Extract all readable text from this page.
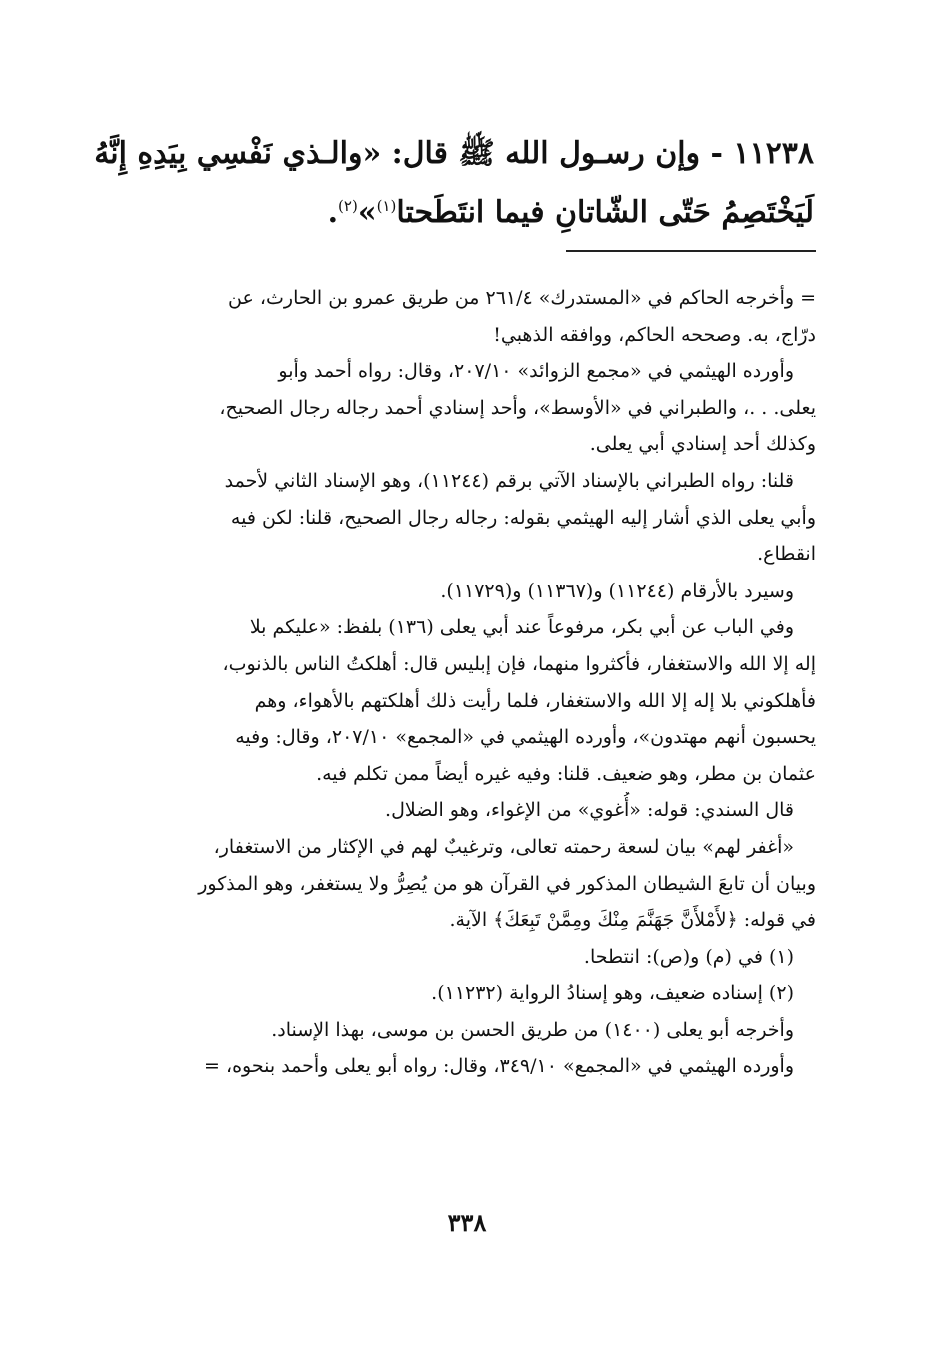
١١٢٣٨ - وإن رسـول الله ﷺ قال: «والـذي نَفْسِي بِيَدِهِ إِنَّهُ
لَيَخْتَصِمُ حَتّى الشّاتانِ فيما انتَطَحتا$^{(١)}$»$^{(٢)}$.
= وأخرجه الحاكم في «المستدرك» ٢٦١/٤ من طريق عمرو بن الحارث، عن
درّاج، به. وصححه الحاكم، ووافقه الذهبي!
وأورده الهيثمي في «مجمع الزوائد» ٢٠٧/١٠، وقال: رواه أحمد وأبو
يعلى. . .، والطبراني في «الأوسط»، وأحد إسنادي أحمد رجاله رجال الصحيح،
وكذلك أحد إسنادي أبي يعلى.
قلنا: رواه الطبراني بالإسناد الآتي برقم (١١٢٤٤)، وهو الإسناد الثاني لأحمد
وأبي يعلى الذي أشار إليه الهيثمي بقوله: رجاله رجال الصحيح، قلنا: لكن فيه
انقطاع.
وسيرد بالأرقام (١١٢٤٤) و(١١٣٦٧) و(١١٧٢٩).
وفي الباب عن أبي بكر، مرفوعاً عند أبي يعلى (١٣٦) بلفظ: «عليكم بلا
إله إلا الله والاستغفار، فأكثروا منهما، فإن إبليس قال: أهلكتُ الناس بالذنوب،
فأهلكوني بلا إله إلا الله والاستغفار، فلما رأيت ذلك أهلكتهم بالأهواء، وهم
يحسبون أنهم مهتدون»، وأورده الهيثمي في «المجمع» ٢٠٧/١٠، وقال: وفيه
عثمان بن مطر، وهو ضعيف. قلنا: وفيه غيره أيضاً ممن تكلم فيه.
قال السندي: قوله: «أُغوي» من الإغواء، وهو الضلال.
«أغفر لهم» بيان لسعة رحمته تعالى، وترغيبٌ لهم في الإكثار من الاستغفار،
وبيان أن تابعَ الشيطان المذكور في القرآن هو من يُصِرُّ ولا يستغفر، وهو المذكور
في قوله: ﴿لأَمْلأَنَّ جَهَنَّمَ مِنْكَ ومِمَّنْ تَبِعَكَ﴾ الآية.
(١) في (م) و(ص): انتطحا.
(٢) إسناده ضعيف، وهو إسنادُ الرواية (١١٢٣٢).
وأخرجه أبو يعلى (١٤٠٠) من طريق الحسن بن موسى، بهذا الإسناد.
وأورده الهيثمي في «المجمع» ٣٤٩/١٠، وقال: رواه أبو يعلى وأحمد بنحوه، =
٣٣٨
